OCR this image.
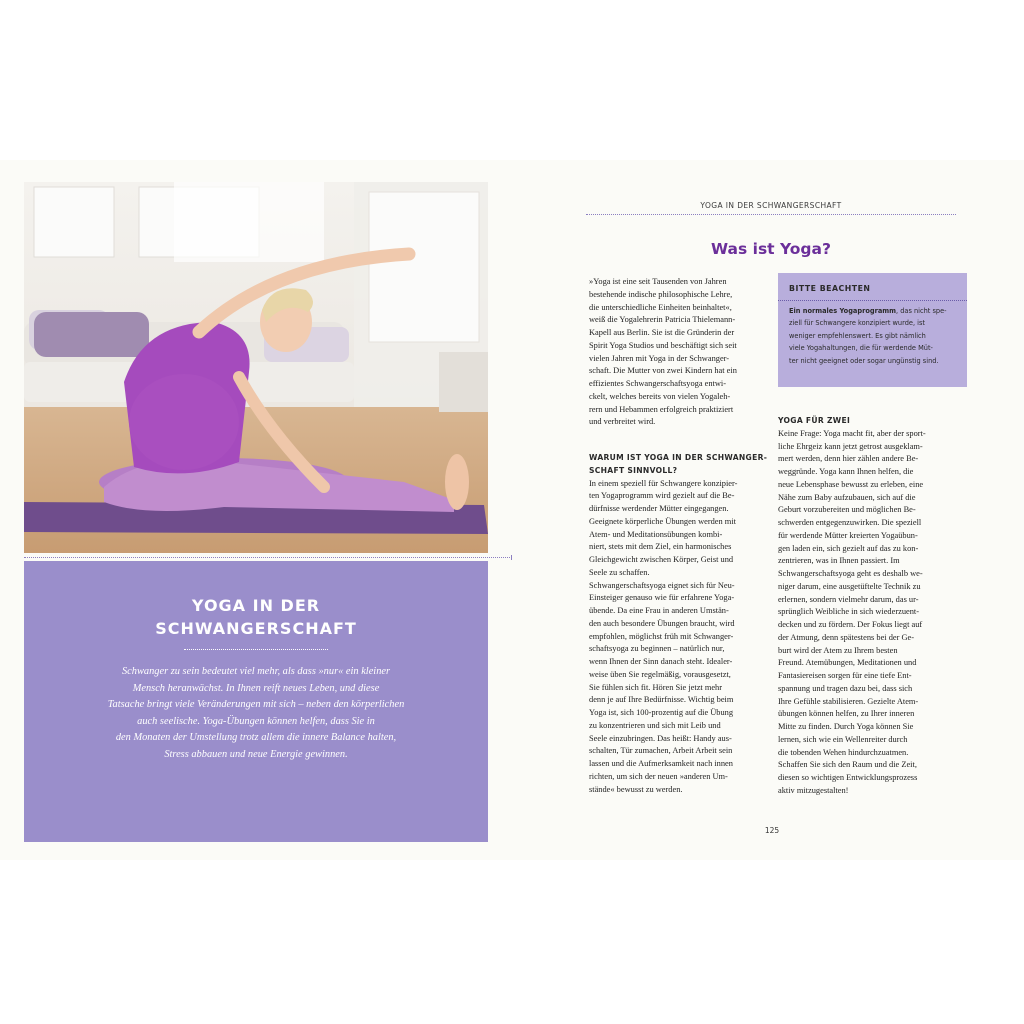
YOGA IN DER
SCHWANGERSCHAFT
Schwanger zu sein bedeutet viel mehr, als dass »nur« ein kleiner
Mensch heranwächst. In Ihnen reift neues Leben, und diese
Tatsache bringt viele Veränderungen mit sich – neben den körperlichen
auch seelische. Yoga-Übungen können helfen, dass Sie in
den Monaten der Umstellung trotz allem die innere Balance halten,
Stress abbauen und neue Energie gewinnen.
YOGA IN DER SCHWANGERSCHAFT
Was ist Yoga?
»Yoga ist eine seit Tausenden von Jahren
bestehende indische philosophische Lehre,
die unterschiedliche Einheiten beinhaltet«,
weiß die Yogalehrerin Patricia Thielemann-
Kapell aus Berlin. Sie ist die Gründerin der
Spirit Yoga Studios und beschäftigt sich seit
vielen Jahren mit Yoga in der Schwanger-
schaft. Die Mutter von zwei Kindern hat ein
effizientes Schwangerschaftsyoga entwi-
ckelt, welches bereits von vielen Yogaleh-
rern und Hebammen erfolgreich praktiziert
und verbreitet wird.
WARUM IST YOGA IN DER SCHWANGER-
SCHAFT SINNVOLL?
In einem speziell für Schwangere konzipier-
ten Yogaprogramm wird gezielt auf die Be-
dürfnisse werdender Mütter eingegangen.
Geeignete körperliche Übungen werden mit
Atem- und Meditationsübungen kombi-
niert, stets mit dem Ziel, ein harmonisches
Gleichgewicht zwischen Körper, Geist und
Seele zu schaffen.
Schwangerschaftsyoga eignet sich für Neu-
Einsteiger genauso wie für erfahrene Yoga-
übende. Da eine Frau in anderen Umstän-
den auch besondere Übungen braucht, wird
empfohlen, möglichst früh mit Schwanger-
schaftsyoga zu beginnen – natürlich nur,
wenn Ihnen der Sinn danach steht. Idealer-
weise üben Sie regelmäßig, vorausgesetzt,
Sie fühlen sich fit. Hören Sie jetzt mehr
denn je auf Ihre Bedürfnisse. Wichtig beim
Yoga ist, sich 100-prozentig auf die Übung
zu konzentrieren und sich mit Leib und
Seele einzubringen. Das heißt: Handy aus-
schalten, Tür zumachen, Arbeit Arbeit sein
lassen und die Aufmerksamkeit nach innen
richten, um sich der neuen »anderen Um-
stände« bewusst zu werden.
BITTE BEACHTEN
Ein normales Yogaprogramm, das nicht spe-
ziell für Schwangere konzipiert wurde, ist
weniger empfehlenswert. Es gibt nämlich
viele Yogahaltungen, die für werdende Müt-
ter nicht geeignet oder sogar ungünstig sind.
YOGA FÜR ZWEI
Keine Frage: Yoga macht fit, aber der sport-
liche Ehrgeiz kann jetzt getrost ausgeklam-
mert werden, denn hier zählen andere Be-
weggründe. Yoga kann Ihnen helfen, die
neue Lebensphase bewusst zu erleben, eine
Nähe zum Baby aufzubauen, sich auf die
Geburt vorzubereiten und möglichen Be-
schwerden entgegenzuwirken. Die speziell
für werdende Mütter kreierten Yogaübun-
gen laden ein, sich gezielt auf das zu kon-
zentrieren, was in Ihnen passiert. Im
Schwangerschaftsyoga geht es deshalb we-
niger darum, eine ausgetüftelte Technik zu
erlernen, sondern vielmehr darum, das ur-
sprünglich Weibliche in sich wiederzuent-
decken und zu fördern. Der Fokus liegt auf
der Atmung, denn spätestens bei der Ge-
burt wird der Atem zu Ihrem besten
Freund. Atemübungen, Meditationen und
Fantasiereisen sorgen für eine tiefe Ent-
spannung und tragen dazu bei, dass sich
Ihre Gefühle stabilisieren. Gezielte Atem-
übungen können helfen, zu Ihrer inneren
Mitte zu finden. Durch Yoga können Sie
lernen, sich wie ein Wellenreiter durch
die tobenden Wehen hindurchzuatmen.
Schaffen Sie sich den Raum und die Zeit,
diesen so wichtigen Entwicklungsprozess
aktiv mitzugestalten!
125
